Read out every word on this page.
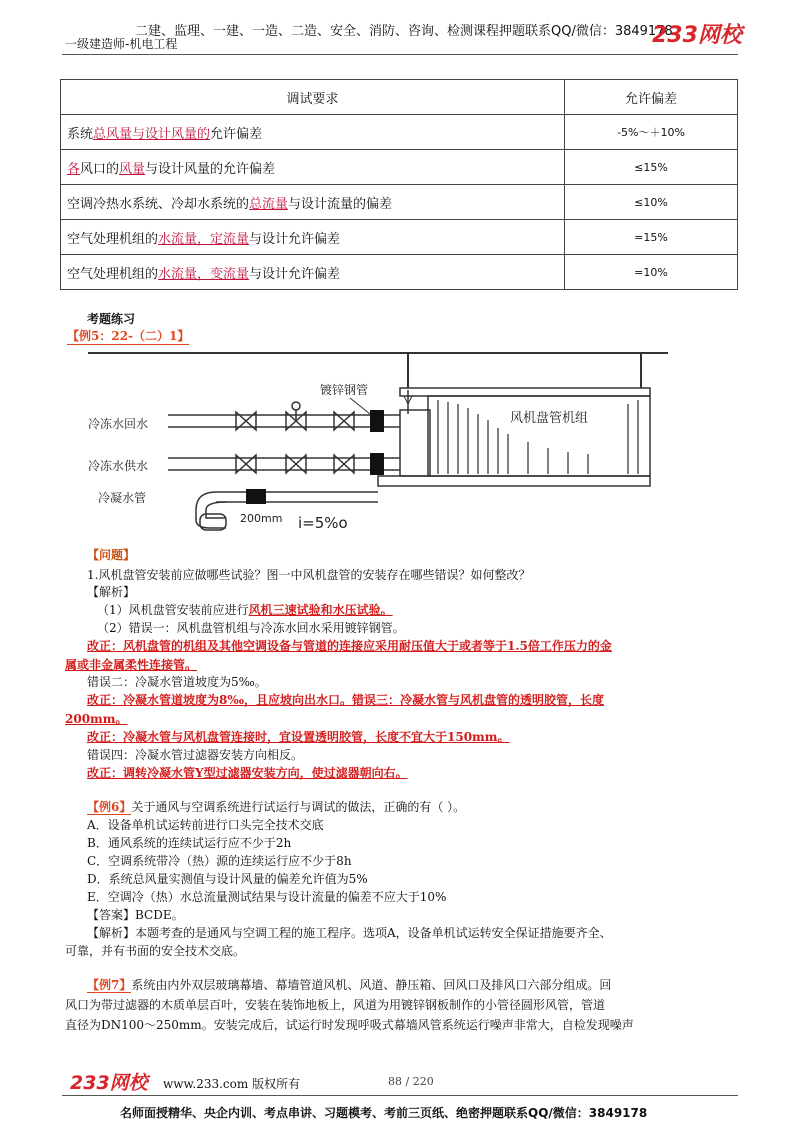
二建、监理、一建、一造、二造、安全、消防、咨询、检测课程押题联系QQ/微信：3849178
一级建造师-机电工程	233网校
调试要求	允许偏差
系统总风量与设计风量的允许偏差	-5%～＋10%
各风口的风量与设计风量的允许偏差	≤15%
空调冷热水系统、冷却水系统的总流量与设计流量的偏差	≤10%
空气处理机组的水流量，定流量与设计允许偏差	=15%
空气处理机组的水流量，变流量与设计允许偏差	=10%
考题练习
【例5：22-（二）1】
风机盘管机组
镀锌钢管
冷冻水回水
冷冻水供水
冷凝水管
200mm i=5%o
【问题】
1.风机盘管安装前应做哪些试验？图一中风机盘管的安装存在哪些错误？如何整改？
【解析】
（1）风机盘管安装前应进行风机三速试验和水压试验。
（2）错误一：风机盘管机组与冷冻水回水采用镀锌钢管。
改正：风机盘管的机组及其他空调设备与管道的连接应采用耐压值大于或者等于1.5倍工作压力的金
属或非金属柔性连接管。
错误二：冷凝水管道坡度为5‰。
改正：冷凝水管道坡度为8‰，且应坡向出水口。错误三：冷凝水管与风机盘管的透明胶管，长度
200mm。
改正：冷凝水管与风机盘管连接时，宜设置透明胶管，长度不宜大于150mm。
错误四：冷凝水管过滤器安装方向相反。
改正：调转冷凝水管Y型过滤器安装方向，使过滤器朝向右。
【例6】关于通风与空调系统进行试运行与调试的做法，正确的有（ ）。
A．设备单机试运转前进行口头完全技术交底
B．通风系统的连续试运行应不少于2h
C．空调系统带冷（热）源的连续运行应不少于8h
D．系统总风量实测值与设计风量的偏差允许值为5%
E．空调冷（热）水总流量测试结果与设计流量的偏差不应大于10%
【答案】BCDE。
【解析】本题考查的是通风与空调工程的施工程序。选项A，设备单机试运转安全保证措施要齐全、
可靠，并有书面的安全技术交底。
【例7】系统由内外双层玻璃幕墙、幕墙管道风机、风道、静压箱、回风口及排风口六部分组成。回
风口为带过滤器的木质单层百叶，安装在装饰地板上，风道为用镀锌钢板制作的小管径圆形风管，管道
直径为DN100～250mm。安装完成后，试运行时发现呼吸式幕墙风管系统运行噪声非常大，自检发现噪声
233网校 www.233.com 版权所有	88 / 220
名师面授精华、央企内训、考点串讲、习题模考、考前三页纸、绝密押题联系QQ/微信：3849178
